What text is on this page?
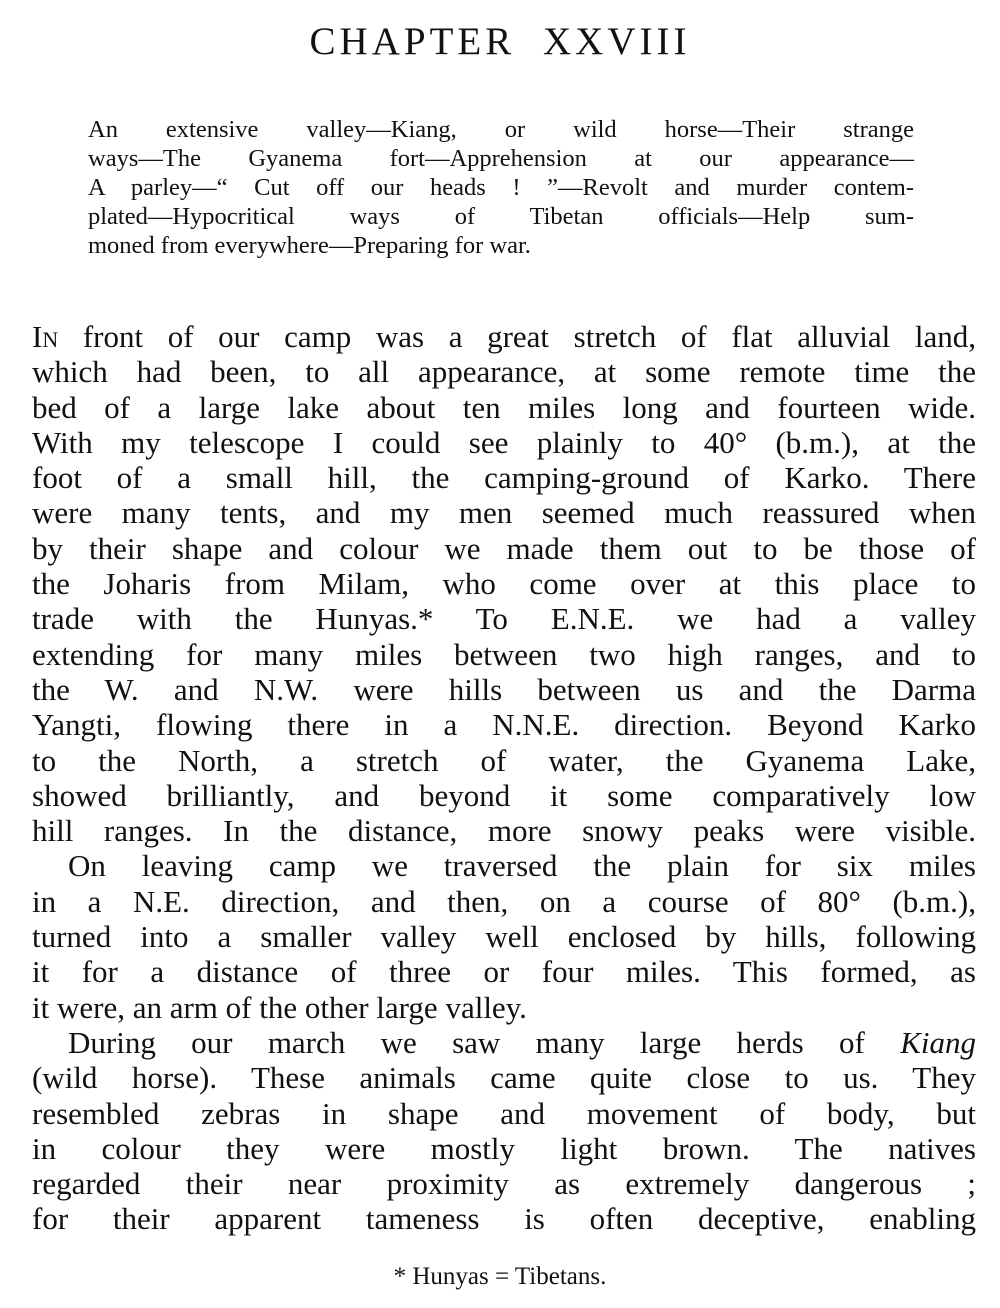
CHAPTER XXVIII
An extensive valley—Kiang, or wild horse—Their strange
ways—The Gyanema fort—Apprehension at our appearance—
A parley—“ Cut off our heads ! ”—Revolt and murder contem-
plated—Hypocritical ways of Tibetan officials—Help sum-
moned from everywhere—Preparing for war.
In front of our camp was a great stretch of flat alluvial land,
which had been, to all appearance, at some remote time the
bed of a large lake about ten miles long and fourteen wide.
With my telescope I could see plainly to 40° (b.m.), at the
foot of a small hill, the camping-ground of Karko. There
were many tents, and my men seemed much reassured when
by their shape and colour we made them out to be those of
the Joharis from Milam, who come over at this place to
trade with the Hunyas.* To E.N.E. we had a valley
extending for many miles between two high ranges, and to
the W. and N.W. were hills between us and the Darma
Yangti, flowing there in a N.N.E. direction. Beyond Karko
to the North, a stretch of water, the Gyanema Lake,
showed brilliantly, and beyond it some comparatively low
hill ranges. In the distance, more snowy peaks were visible.
On leaving camp we traversed the plain for six miles
in a N.E. direction, and then, on a course of 80° (b.m.),
turned into a smaller valley well enclosed by hills, following
it for a distance of three or four miles. This formed, as
it were, an arm of the other large valley.
During our march we saw many large herds of Kiang
(wild horse). These animals came quite close to us. They
resembled zebras in shape and movement of body, but
in colour they were mostly light brown. The natives
regarded their near proximity as extremely dangerous ;
for their apparent tameness is often deceptive, enabling
* Hunyas = Tibetans.
